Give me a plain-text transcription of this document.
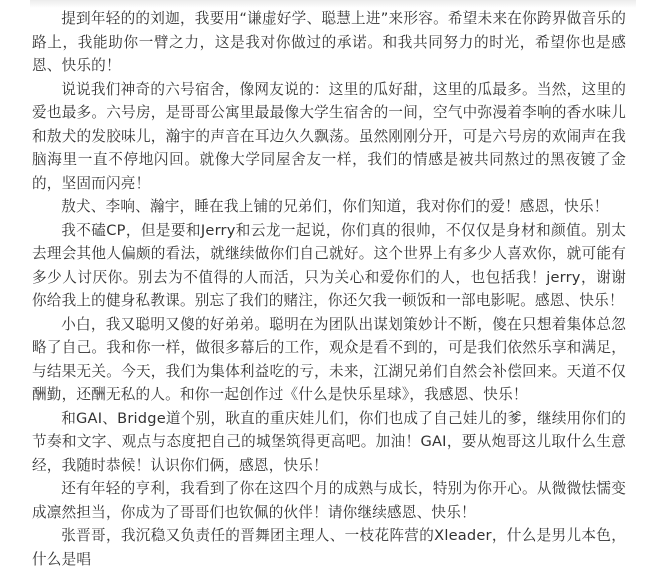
提到年轻的的刘迦，我要用“谦虚好学、聪慧上进”来形容。希望未来在你跨界做音乐的路上，我能助你一臂之力，这是我对你做过的承诺。和我共同努力的时光，希望你也是感恩、快乐的！

说说我们神奇的六号宿舍，像网友说的：这里的瓜好甜，这里的瓜最多。当然，这里的爱也最多。六号房，是哥哥公寓里最最像大学生宿舍的一间，空气中弥漫着李响的香水味儿和敖犬的发胶味儿，瀚宇的声音在耳边久久飘荡。虽然刚刚分开，可是六号房的欢闹声在我脑海里一直不停地闪回。就像大学同屋舍友一样，我们的情感是被共同熬过的黑夜镀了金的，坚固而闪亮！

敖犬、李响、瀚宇，睡在我上铺的兄弟们，你们知道，我对你们的爱！感恩，快乐！

我不磕CP，但是要和Jerry和云龙一起说，你们真的很帅，不仅仅是身材和颜值。别太去理会其他人偏颇的看法，就继续做你们自己就好。这个世界上有多少人喜欢你，就可能有多少人讨厌你。别去为不值得的人而活，只为关心和爱你们的人，也包括我！jerry，谢谢你给我上的健身私教课。别忘了我们的赌注，你还欠我一顿饭和一部电影呢。感恩、快乐！

小白，我又聪明又傻的好弟弟。聪明在为团队出谋划策妙计不断，傻在只想着集体总忽略了自己。我和你一样，做很多幕后的工作，观众是看不到的，可是我们依然乐享和满足，与结果无关。今天，我们为集体利益吃的亏，未来，江湖兄弟们自然会补偿回来。天道不仅酬勤，还酬无私的人。和你一起创作过《什么是快乐星球》，我感恩、快乐！

和GAI、Bridge道个别，耿直的重庆娃儿们，你们也成了自己娃儿的爹，继续用你们的节奏和文字、观点与态度把自己的城堡筑得更高吧。加油！GAI，要从炮哥这儿取什么生意经，我随时恭候！认识你们俩，感恩，快乐！

还有年轻的亨利，我看到了你在这四个月的成熟与成长，特别为你开心。从微微怯懦变成凛然担当，你成为了哥哥们也钦佩的伙伴！请你继续感恩、快乐！

张晋哥，我沉稳又负责任的晋舞团主理人、一枝花阵营的Xleader，什么是男儿本色，什么是唱
